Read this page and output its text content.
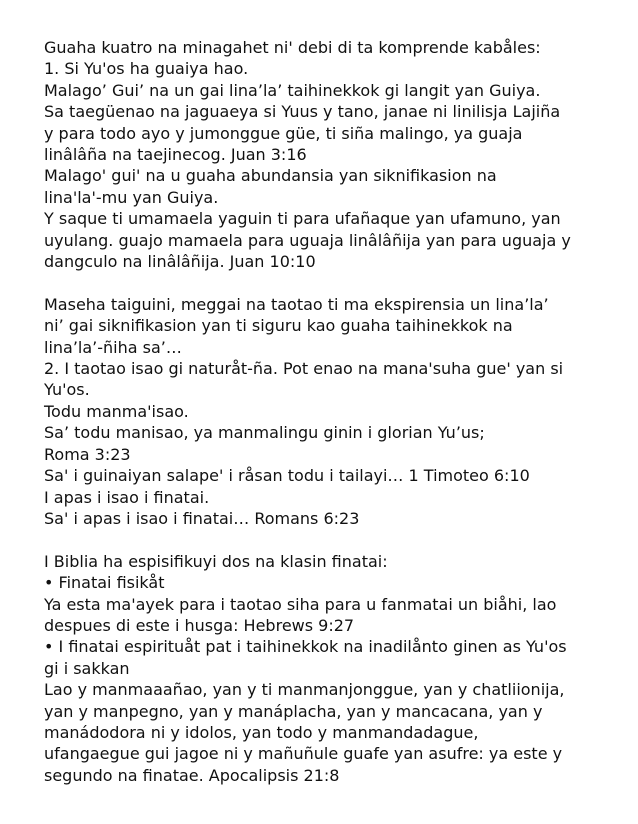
Guaha kuatro na minagahet ni' debi di ta komprende kabåles:
1. Si Yu'os ha guaiya hao.
Malago’ Gui’ na un gai lina’la’ taihinekkok gi langit yan Guiya.
Sa taegüenao na jaguaeya si Yuus y tano, janae ni linilisja Lajiña
y para todo ayo y jumonggue güe, ti siña malingo, ya guaja
linâlâña na taejinecog. Juan 3:16
Malago' gui' na u guaha abundansia yan siknifikasion na
lina'la'-mu yan Guiya.
Y saque ti umamaela yaguin ti para ufañaque yan ufamuno, yan
uyulang. guajo mamaela para uguaja linâlâñija yan para uguaja y
dangculo na linâlâñija. Juan 10:10
Maseha taiguini, meggai na taotao ti ma ekspirensia un lina’la’
ni’ gai siknifikasion yan ti siguru kao guaha taihinekkok na
lina’la’-ñiha sa’…
2. I taotao isao gi naturåt-ña. Pot enao na mana'suha gue' yan si
Yu'os.
Todu manma'isao.
Sa’ todu manisao, ya manmalingu ginin i glorian Yu’us;
Roma 3:23
Sa' i guinaiyan salape' i råsan todu i tailayi… 1 Timoteo 6:10
I apas i isao i finatai.
Sa' i apas i isao i finatai… Romans 6:23
I Biblia ha espisifikuyi dos na klasin finatai:
• Finatai fisikåt
Ya esta ma'ayek para i taotao siha para u fanmatai un biåhi, lao
despues di este i husga: Hebrews 9:27
• I finatai espirituåt pat i taihinekkok na inadilånto ginen as Yu'os
gi i sakkan
Lao y manmaaañao, yan y ti manmanjonggue, yan y chatliionija,
yan y manpegno, yan y manáplacha, yan y mancacana, yan y
manádodora ni y idolos, yan todo y manmandadague,
ufangaegue gui jagoe ni y mañuñule guafe yan asufre: ya este y
segundo na finatae. Apocalipsis 21:8
